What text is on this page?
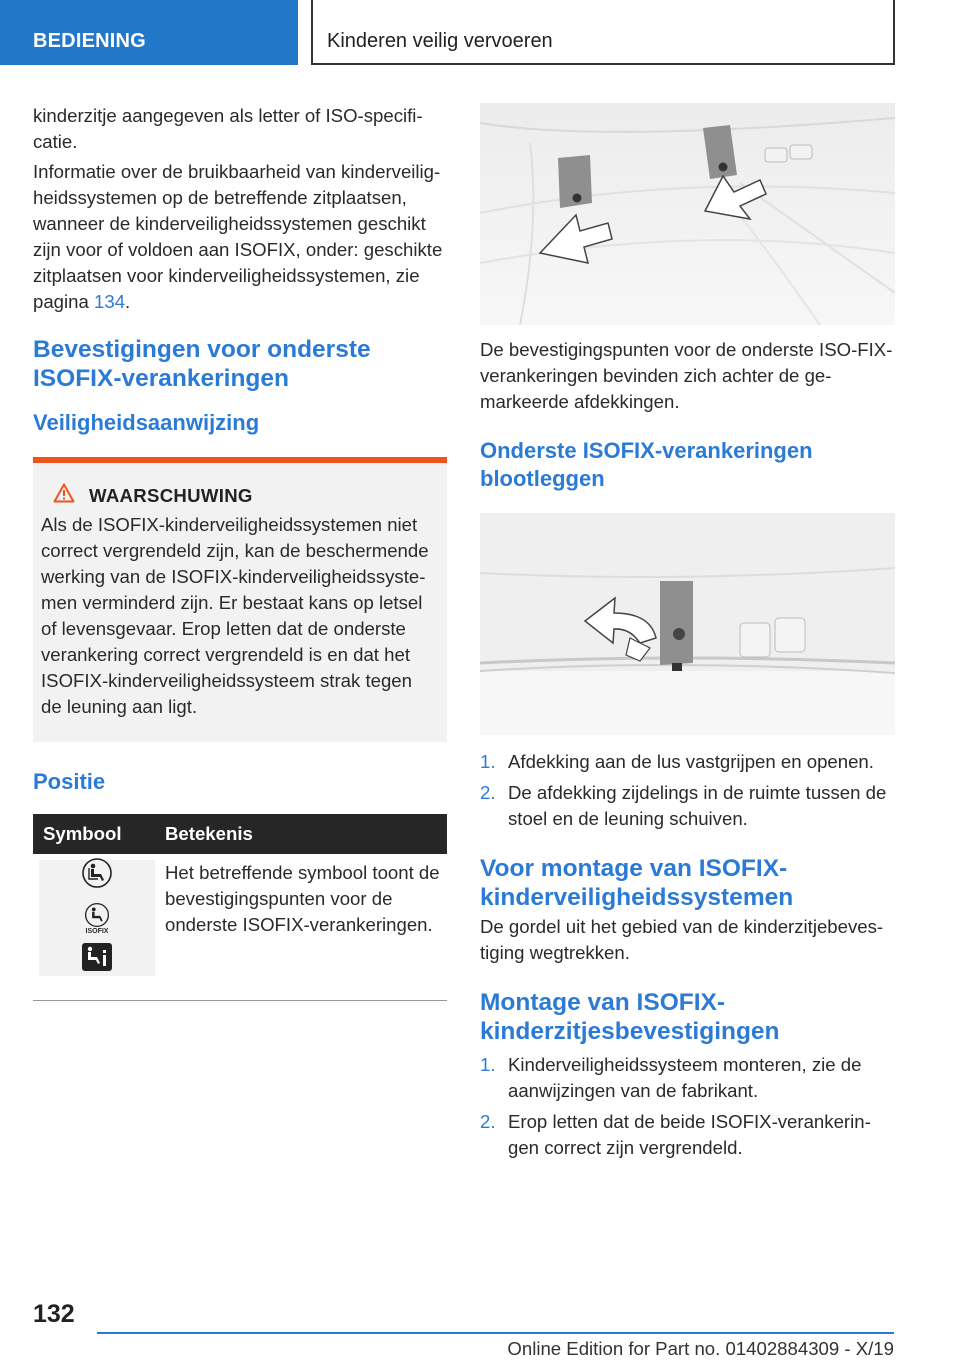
BEDIENING	Kinderen veilig vervoeren

kinderzitje aangegeven als letter of ISO-specifi-catie.

Informatie over de bruikbaarheid van kinderveilig-heidssystemen op de betreffende zitplaatsen, wanneer de kinderveiligheidssystemen geschikt zijn voor of voldoen aan ISOFIX, onder: geschikte zitplaatsen voor kinderveiligheidssystemen, zie pagina 134.

Bevestigingen voor onderste ISOFIX-verankeringen
Veiligheidsaanwijzing
WAARSCHUWING

Als de ISOFIX-kinderveiligheidssystemen niet correct vergrendeld zijn, kan de beschermende werking van de ISOFIX-kinderveiligheidssyste-men verminderd zijn. Er bestaat kans op letsel of levensgevaar. Erop letten dat de onderste verankering correct vergrendeld is en dat het ISOFIX-kinderveiligheidssysteem strak tegen de leuning aan ligt.

Positie
Symbool	Betekenis

ISOFIX	Het betreffende symbool toont de bevestigingspunten voor de onderste ISOFIX-verankeringen.

De bevestigingspunten voor de onderste ISO-FIX-verankeringen bevinden zich achter de ge-markeerde afdekkingen.

Onderste ISOFIX-verankeringen blootleggen
1. Afdekking aan de lus vastgrijpen en openen.
2. De afdekking zijdelings in de ruimte tussen de stoel en de leuning schuiven.
Voor montage van ISOFIX-kinderveiligheidssystemen

De gordel uit het gebied van de kinderzitjebeves-tiging wegtrekken.

Montage van ISOFIX-kinderzitjesbevestigingen
1. Kinderveiligheidssysteem monteren, zie de aanwijzingen van de fabrikant.
2. Erop letten dat de beide ISOFIX-verankerin-gen correct zijn vergrendeld.
132
Online Edition for Part no. 01402884309 - X/19
